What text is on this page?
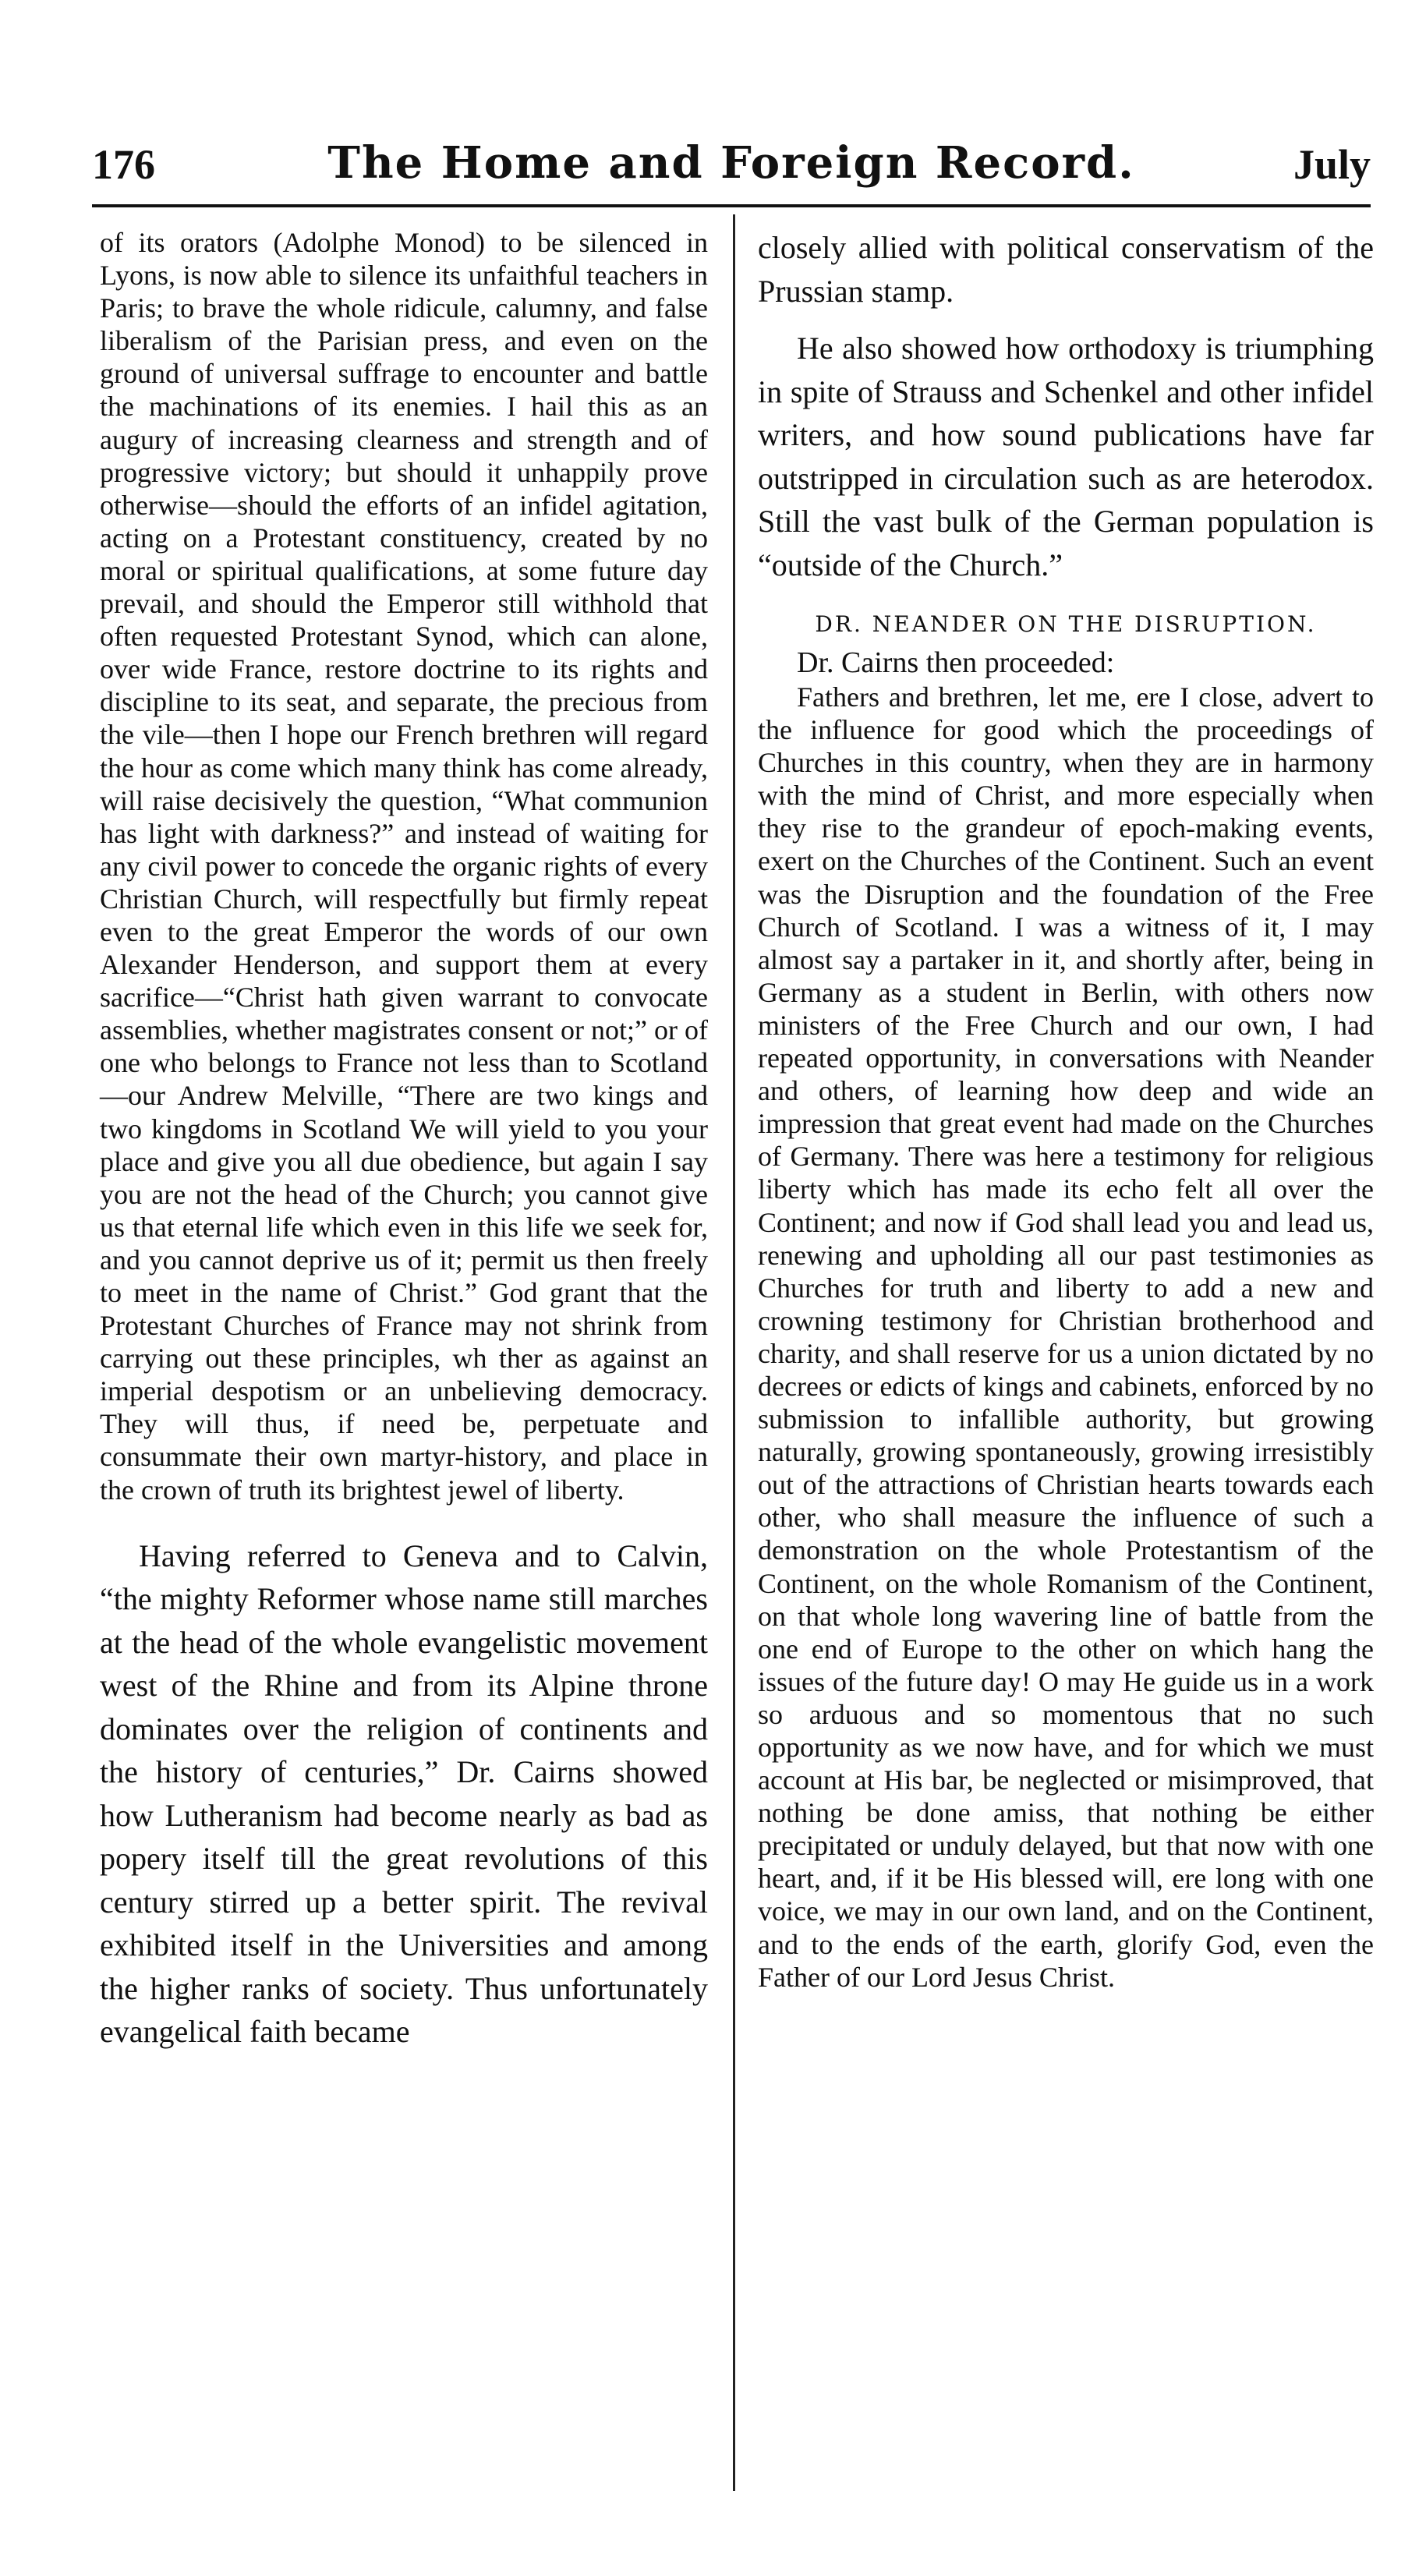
176	The Home and Foreign Record.	July

of its orators (Adolphe Monod) to be silenced in Lyons, is now able to silence its unfaithful teachers in Paris; to brave the whole ridicule, calumny, and false liberalism of the Parisian press, and even on the ground of universal suffrage to encounter and battle the machinations of its enemies. I hail this as an augury of increasing clearness and strength and of progressive victory; but should it unhappily prove otherwise—should the efforts of an infidel agitation, acting on a Protestant constituency, created by no moral or spiritual qualifications, at some future day prevail, and should the Emperor still withhold that often requested Protestant Synod, which can alone, over wide France, restore doctrine to its rights and discipline to its seat, and separate, the precious from the vile—then I hope our French brethren will regard the hour as come which many think has come already, will raise decisively the question, “What communion has light with darkness?” and instead of waiting for any civil power to concede the organic rights of every Christian Church, will respectfully but firmly repeat even to the great Emperor the words of our own Alexander Henderson, and support them at every sacrifice—“Christ hath given warrant to convocate assemblies, whether magistrates consent or not;” or of one who belongs to France not less than to Scotland—our Andrew Melville, “There are two kings and two kingdoms in Scotland We will yield to you your place and give you all due obedience, but again I say you are not the head of the Church; you cannot give us that eternal life which even in this life we seek for, and you cannot deprive us of it; permit us then freely to meet in the name of Christ.” God grant that the Protestant Churches of France may not shrink from carrying out these principles, wh ther as against an imperial despotism or an unbelieving democracy. They will thus, if need be, perpetuate and consummate their own martyr-history, and place in the crown of truth its brightest jewel of liberty.

Having referred to Geneva and to Calvin, “the mighty Reformer whose name still marches at the head of the whole evangelistic movement west of the Rhine and from its Alpine throne dominates over the religion of continents and the history of centuries,” Dr. Cairns showed how Lutheranism had become nearly as bad as popery itself till the great revolutions of this century stirred up a better spirit. The revival exhibited itself in the Universities and among the higher ranks of society. Thus unfortunately evangelical faith became

closely allied with political conservatism of the Prussian stamp.

He also showed how orthodoxy is triumphing in spite of Strauss and Schenkel and other infidel writers, and how sound publications have far outstripped in circulation such as are heterodox. Still the vast bulk of the German population is “outside of the Church.”

DR. NEANDER ON THE DISRUPTION.

Dr. Cairns then proceeded:

Fathers and brethren, let me, ere I close, advert to the influence for good which the proceedings of Churches in this country, when they are in harmony with the mind of Christ, and more especially when they rise to the grandeur of epoch-making events, exert on the Churches of the Continent. Such an event was the Disruption and the foundation of the Free Church of Scotland. I was a witness of it, I may almost say a partaker in it, and shortly after, being in Germany as a student in Berlin, with others now ministers of the Free Church and our own, I had repeated opportunity, in conversations with Neander and others, of learning how deep and wide an impression that great event had made on the Churches of Germany. There was here a testimony for religious liberty which has made its echo felt all over the Continent; and now if God shall lead you and lead us, renewing and upholding all our past testimonies as Churches for truth and liberty to add a new and crowning testimony for Christian brotherhood and charity, and shall reserve for us a union dictated by no decrees or edicts of kings and cabinets, enforced by no submission to infallible authority, but growing naturally, growing spontaneously, growing irresistibly out of the attractions of Christian hearts towards each other, who shall measure the influence of such a demonstration on the whole Protestantism of the Continent, on the whole Romanism of the Continent, on that whole long wavering line of battle from the one end of Europe to the other on which hang the issues of the future day! O may He guide us in a work so arduous and so momentous that no such opportunity as we now have, and for which we must account at His bar, be neglected or misimproved, that nothing be done amiss, that nothing be either precipitated or unduly delayed, but that now with one heart, and, if it be His blessed will, ere long with one voice, we may in our own land, and on the Continent, and to the ends of the earth, glorify God, even the Father of our Lord Jesus Christ.
